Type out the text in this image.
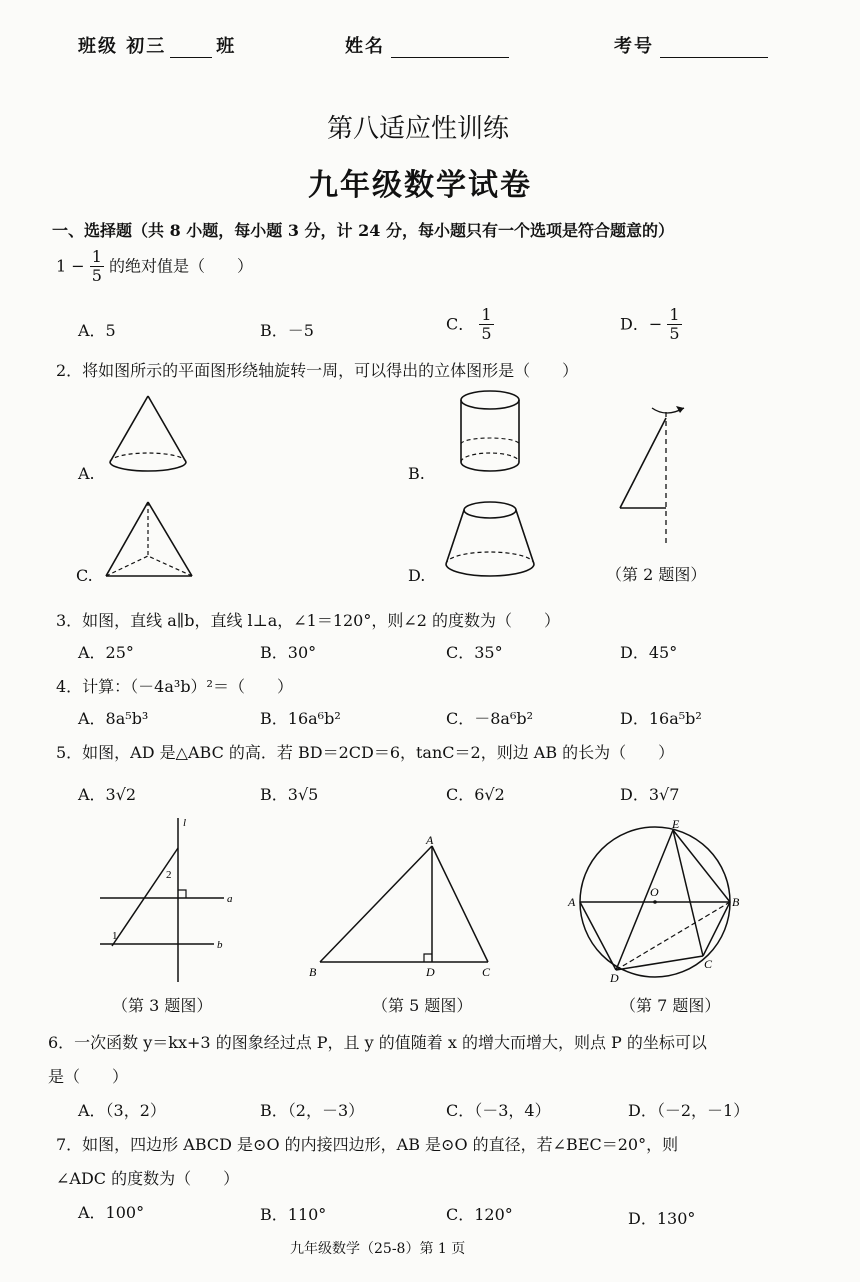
班级 初三	班	姓名	考号
第八适应性训练
九年级数学试卷
一、选择题（共 8 小题，每小题 3 分，计 24 分，每小题只有一个选项是符合题意的）
$1 - \frac{1}{5}$ 的绝对值是（　　）
A．5	B．－5	C． $\frac{1}{5}$	D．− $\frac{1}{5}$
2．将如图所示的平面图形绕轴旋转一周，可以得出的立体图形是（　　）
A.	B.
C.	D.	（第 2 题图）
3．如图，直线 a∥b，直线 l⊥a，∠1＝120°，则∠2 的度数为（　　）
A．25°	B．30°	C．35°	D．45°
4．计算：（－4a³b）²＝（　　）
A．8a⁵b³	B．16a⁶b²	C．－8a⁶b²	D．16a⁵b²
5．如图，AD 是△ABC 的高．若 BD＝2CD＝6，tanC＝2，则边 AB 的长为（　　）
A．3√2	B．3√5	C．6√2	D．3√7
l
a
b
1
2
（第 3 题图）
A
B	C
D
（第 5 题图）
E
A
O
B
C
D
（第 7 题图）
6．一次函数 y＝kx+3 的图象经过点 P，且 y 的值随着 x 的增大而增大，则点 P 的坐标可以
是（　　）
A．（3，2）	B．（2，－3）	C．（－3，4）	D．（－2，－1）
7．如图，四边形 ABCD 是⊙O 的内接四边形，AB 是⊙O 的直径，若∠BEC＝20°，则
∠ADC 的度数为（　　）
A．100°	B．110°	C．120°	D．130°
九年级数学（25-8）第 1 页
